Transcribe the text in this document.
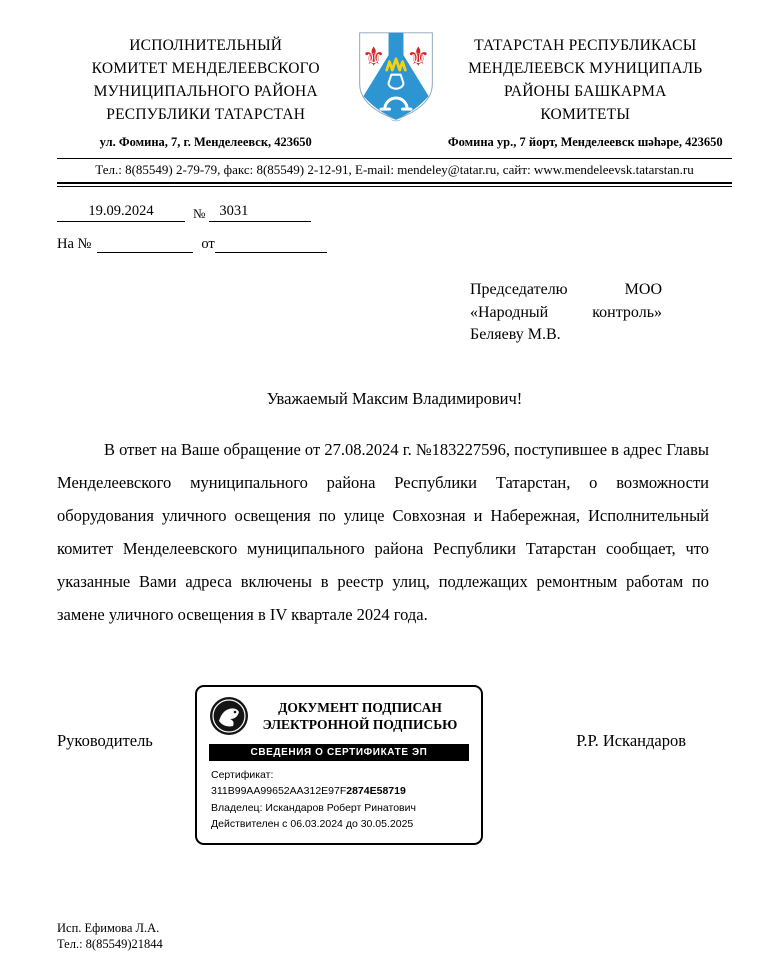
ИСПОЛНИТЕЛЬНЫЙ
КОМИТЕТ МЕНДЕЛЕЕВСКОГО
МУНИЦИПАЛЬНОГО РАЙОНА
РЕСПУБЛИКИ ТАТАРСТАН
ул. Фомина, 7, г. Менделеевск, 423650
⚜ ⚜	ТАТАРСТАН РЕСПУБЛИКАСЫ
МЕНДЕЛЕЕВСК МУНИЦИПАЛЬ
РАЙОНЫ БАШКАРМА
КОМИТЕТЫ
Фомина ур., 7 йорт, Менделеевск шәһәре, 423650
Тел.: 8(85549) 2-79-79, факс: 8(85549) 2-12-91, E-mail: mendeley@tatar.ru, сайт: www.mendeleevsk.tatarstan.ru
19.09.2024	№ 3031
На №	от
Председателю МОО «Народный контроль» Беляеву М.В.
Уважаемый Максим Владимирович!

В ответ на Ваше обращение от 27.08.2024 г. №183227596, поступившее в адрес Главы Менделеевского муниципального района Республики Татарстан, о возможности оборудования уличного освещения по улице Совхозная и Набережная, Исполнительный комитет Менделеевского муниципального района Республики Татарстан сообщает, что указанные Вами адреса включены в реестр улиц, подлежащих ремонтным работам по замене уличного освещения в IV квартале 2024 года.

Руководитель
ДОКУМЕНТ ПОДПИСАН
ЭЛЕКТРОННОЙ ПОДПИСЬЮ
СВЕДЕНИЯ О СЕРТИФИКАТЕ ЭП
Сертификат: 311B99AA99652AA312E97F2874E58719
Владелец: Искандаров Роберт Ринатович
Действителен с 06.03.2024 до 30.05.2025
Р.Р. Искандаров
Исп. Ефимова Л.А.
Тел.: 8(85549)21844
